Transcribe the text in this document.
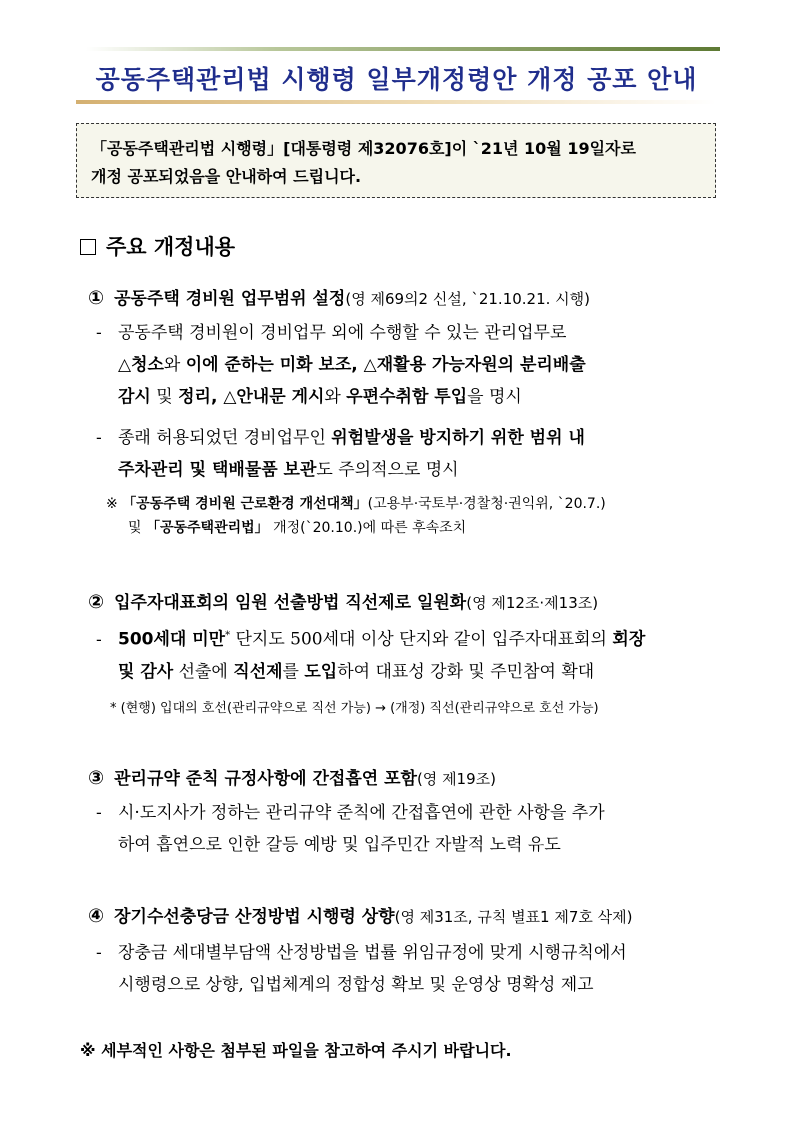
공동주택관리법 시행령 일부개정령안 개정 공포 안내
「공동주택관리법 시행령」[대통령령 제32076호]이 `21년 10월 19일자로
개정 공포되었음을 안내하여 드립니다.
주요 개정내용
① 공동주택 경비원 업무범위 설정(영 제69의2 신설, `21.10.21. 시행)
- 공동주택 경비원이 경비업무 외에 수행할 수 있는 관리업무로
△청소와 이에 준하는 미화 보조, △재활용 가능자원의 분리배출
감시 및 정리, △안내문 게시와 우편수취함 투입을 명시
- 종래 허용되었던 경비업무인 위험발생을 방지하기 위한 범위 내
주차관리 및 택배물품 보관도 주의적으로 명시
※ 「공동주택 경비원 근로환경 개선대책」(고용부·국토부·경찰청·권익위, `20.7.)
및 「공동주택관리법」 개정(`20.10.)에 따른 후속조치
② 입주자대표회의 임원 선출방법 직선제로 일원화(영 제12조·제13조)
- 500세대 미만* 단지도 500세대 이상 단지와 같이 입주자대표회의 회장
및 감사 선출에 직선제를 도입하여 대표성 강화 및 주민참여 확대
* (현행) 입대의 호선(관리규약으로 직선 가능) → (개정) 직선(관리규약으로 호선 가능)
③ 관리규약 준칙 규정사항에 간접흡연 포함(영 제19조)
- 시·도지사가 정하는 관리규약 준칙에 간접흡연에 관한 사항을 추가
하여 흡연으로 인한 갈등 예방 및 입주민간 자발적 노력 유도
④ 장기수선충당금 산정방법 시행령 상향(영 제31조, 규칙 별표1 제7호 삭제)
- 장충금 세대별부담액 산정방법을 법률 위임규정에 맞게 시행규칙에서
시행령으로 상향, 입법체계의 정합성 확보 및 운영상 명확성 제고
※ 세부적인 사항은 첨부된 파일을 참고하여 주시기 바랍니다.
